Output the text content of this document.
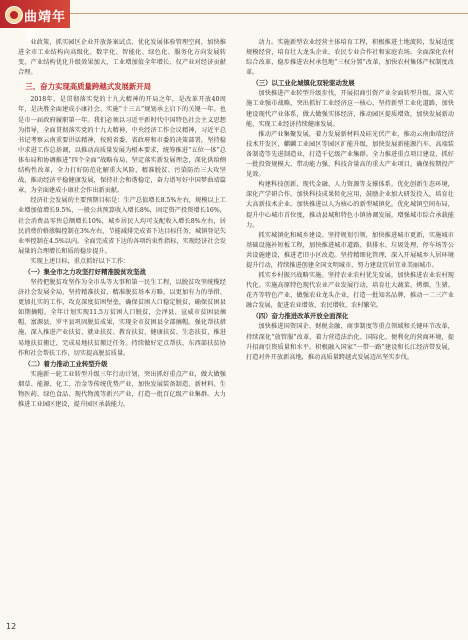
曲靖年鉴

业政策，抓实园区企业开放备案试点、优化发展体验管理空间，加快推进全市工业结构向高级化、数字化、智能化、绿色化、服务化方向发展转变，产业结构优化升级效果加大，工业增加值全年增长、仅产业对经济贡献合理。

三、奋力实现高质量跨越式发展新开局

2018年，是贯彻落实党的十九大精神的开局之年，是改革开放40周年，是决胜全面建成小康社会、实施“十三五”规划承上启下的关键一年。也是市一届政府履职第一年。我们必须以习近平新时代中国特色社会主义思想为指导，全面贯彻落实党的十九大精神，中央经济工作会议精神，习近平总书记考察云南重要讲话精神，按照省委、省政府和市委的决策部署，坚持稳中求进工作总基调，以推动高质量发展为根本要求，统筹推进“五位一体”总体布局和协调推进“四个全面”战略布局，坚定落实新发展理念，深化供给侧结构性改革，全力打好防范化解重大风险、精准脱贫、污染防治三大攻坚战，推动经济平稳健康发展，保持社会和谐稳定，奋力谱写好中国梦曲靖篇章，为全面建成小康社会作出新贡献。

经济社会发展的主要预期目标是：生产总值增长8.5%左右，规模以上工业增加值增长9.5%，一般公共预算收入增长8%，固定资产投资增长16%，社会消费品零售总额增长10%，城乡居民人均可支配收入增长8%左右，居民消费价格涨幅控制在3%左右，节能减排完成省下达目标任务，城镇登记失业率控制在4.5%以内。全面完成省下达的各项约束性指标，实现经济社会发展量的合理增长和质的稳步提升。

实现上述目标，重点抓好以下工作：

（一）集全市之力攻坚打好精准脱贫攻坚战

坚持把脱贫攻坚作为全市头等大事和第一民生工程，以脱贫攻坚统揽经济社会发展全局，坚持精准扶贫、精准脱贫基本方略，以更加有力的举措、更加扎实的工作，攻克深度贫困堡垒，确保贫困人口稳定脱贫，确保贫困县如期摘帽。全年计划实现11.5万贫困人口脱贫，会泽县、宣威市贫困县摘帽，富源县、罗平县巩固脱贫成果，实现全市贫困县全部摘帽。强化帮扶措施，深入推进产业扶贫、就业扶贫、教育扶贫、健康扶贫、生态扶贫，推进易地扶贫搬迁，完成易地扶贫搬迁任务。持续做好定点帮扶、东西部扶贫协作和社会帮扶工作，切实提高脱贫质量。

（二）着力推动工业转型升级

实施新一轮工业转型升级三年行动计划，突出抓好重点产业，做大做强烟草、能源、化工、冶金等传统优势产业，加快发展装备制造、新材料、生物医药、绿色食品、现代物流等新兴产业，打造一批百亿级产业集群。大力推进工业园区建设，提升园区承载能力。

动力。实施新型农业经营主体培育工程，积极推进土地流转，发展适度规模经营，培育壮大龙头企业、农民专业合作社和家庭农场。全面深化农村综合改革，稳步推进农村承包地“三权分置”改革，加快农村集体产权制度改革。

（三）以工业化城镇化双轮驱动发展

加快推进产业转型升级步伐，开展招商引资产业全面转型升级。深入实施工业强市战略，突出抓好工业经济这一核心，坚持新型工业化道路，加快建设现代产业体系，做大做强实体经济，推动园区提质增效，加快发展新动能，实现工业经济持续健康发展。

推动产业集聚发展，着力发展新材料及硅光伏产业，推动云南曲靖经济技术开发区、麒麟工业园区等园区扩能升级，加快发展新能源汽车、高端装备制造等先进制造业，打造千亿级产业集群。全力推进重点项目建设，抓好一批投资规模大、带动能力强、科技含量高的重大产业项目，确保按期投产见效。

构建科技创新、现代金融、人力资源等支撑体系，优化创新生态环境，深化产学研合作，加快科技成果转化应用，鼓励企业加大研发投入，培育壮大高新技术企业。加快推进以人为核心的新型城镇化，优化城镇空间布局，提升中心城市首位度，推动县城和特色小镇协调发展，增强城市综合承载能力。

抓实城镇化和城乡建设。坚持规划引领，加快推进城市更新，实施城市基础设施补短板工程，加快推进城市道路、供排水、垃圾处理、停车场等公共设施建设，推进老旧小区改造。坚持精细化管理，深入开展城乡人居环境提升行动，持续推进创建全国文明城市，努力建设宜居宜业美丽城市。

抓实乡村振兴战略实施。坚持农业农村优先发展，加快推进农业农村现代化。实施高原特色现代农业产业发展行动，培育壮大蔬菜、烤烟、生猪、花卉等特色产业，做强农业龙头企业，打造一批知名品牌，推动一二三产业融合发展，促进农业增效、农民增收、农村繁荣。

（四）奋力推进改革开放全面深化

加快推进国资国企、财税金融、商事制度等重点领域和关键环节改革，持续深化“放管服”改革，着力营造法治化、国际化、便利化的营商环境，提升招商引资质量和水平。积极融入国家“一带一路”建设和长江经济带发展，打造对外开放新高地，推动高质量跨越式发展迈出坚实步伐。

12
